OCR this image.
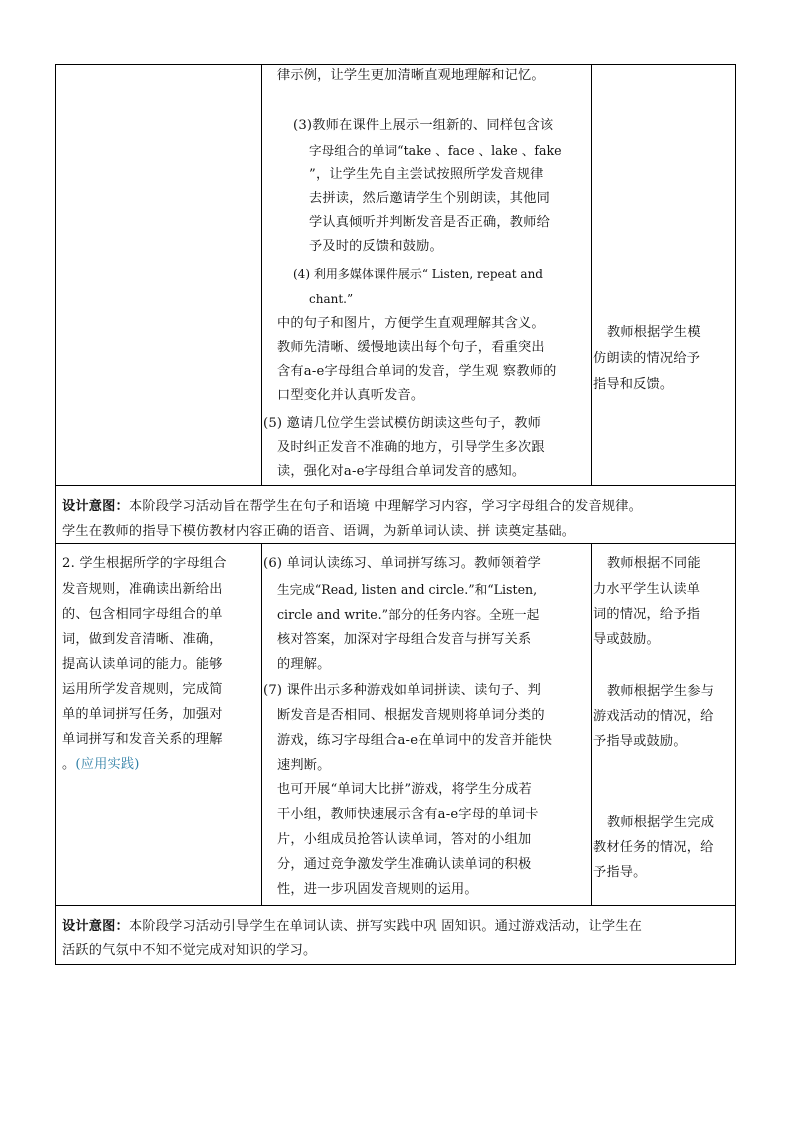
律示例，让学生更加清晰直观地理解和记忆。
(3)教师在课件上展示一组新的、同样包含该
字母组合的单词“take 、face 、lake 、fake
”，让学生先自主尝试按照所学发音规律
去拼读，然后邀请学生个别朗读，其他同
学认真倾听并判断发音是否正确，教师给
予及时的反馈和鼓励。
(4) 利用多媒体课件展示“ Listen, repeat and
chant.”
中的句子和图片，方便学生直观理解其含义。
教师先清晰、缓慢地读出每个句子，看重突出
含有a-e字母组合单词的发音，学生观 察教师的
口型变化并认真听发音。
(5) 邀请几位学生尝试模仿朗读这些句子，教师
及时纠正发音不准确的地方，引导学生多次跟
读，强化对a-e字母组合单词发音的感知。
教师根据学生模
仿朗读的情况给予
指导和反馈。
设计意图：本阶段学习活动旨在帮学生在句子和语境 中理解学习内容，学习字母组合的发音规律。
学生在教师的指导下模仿教材内容正确的语音、语调，为新单词认读、拼 读奠定基础。
2. 学生根据所学的字母组合
发音规则，准确读出新给出
的、包含相同字母组合的单
词，做到发音清晰、准确，
提高认读单词的能力。能够
运用所学发音规则，完成简
单的单词拼写任务，加强对
单词拼写和发音关系的理解
。(应用实践)
(6) 单词认读练习、单词拼写练习。教师领着学
生完成“Read, listen and circle.”和“Listen,
circle and write.”部分的任务内容。全班一起
核对答案，加深对字母组合发音与拼写关系
的理解。
(7) 课件出示多种游戏如单词拼读、读句子、判
断发音是否相同、根据发音规则将单词分类的
游戏，练习字母组合a-e在单词中的发音并能快
速判断。
也可开展“单词大比拼”游戏，将学生分成若
干小组，教师快速展示含有a-e字母的单词卡
片，小组成员抢答认读单词，答对的小组加
分，通过竞争激发学生准确认读单词的积极
性，进一步巩固发音规则的运用。
教师根据不同能
力水平学生认读单
词的情况，给予指
导或鼓励。
教师根据学生参与
游戏活动的情况，给
予指导或鼓励。
教师根据学生完成
教材任务的情况，给
予指导。
设计意图：本阶段学习活动引导学生在单词认读、拼写实践中巩 固知识。通过游戏活动，让学生在
活跃的气氛中不知不觉完成对知识的学习。
